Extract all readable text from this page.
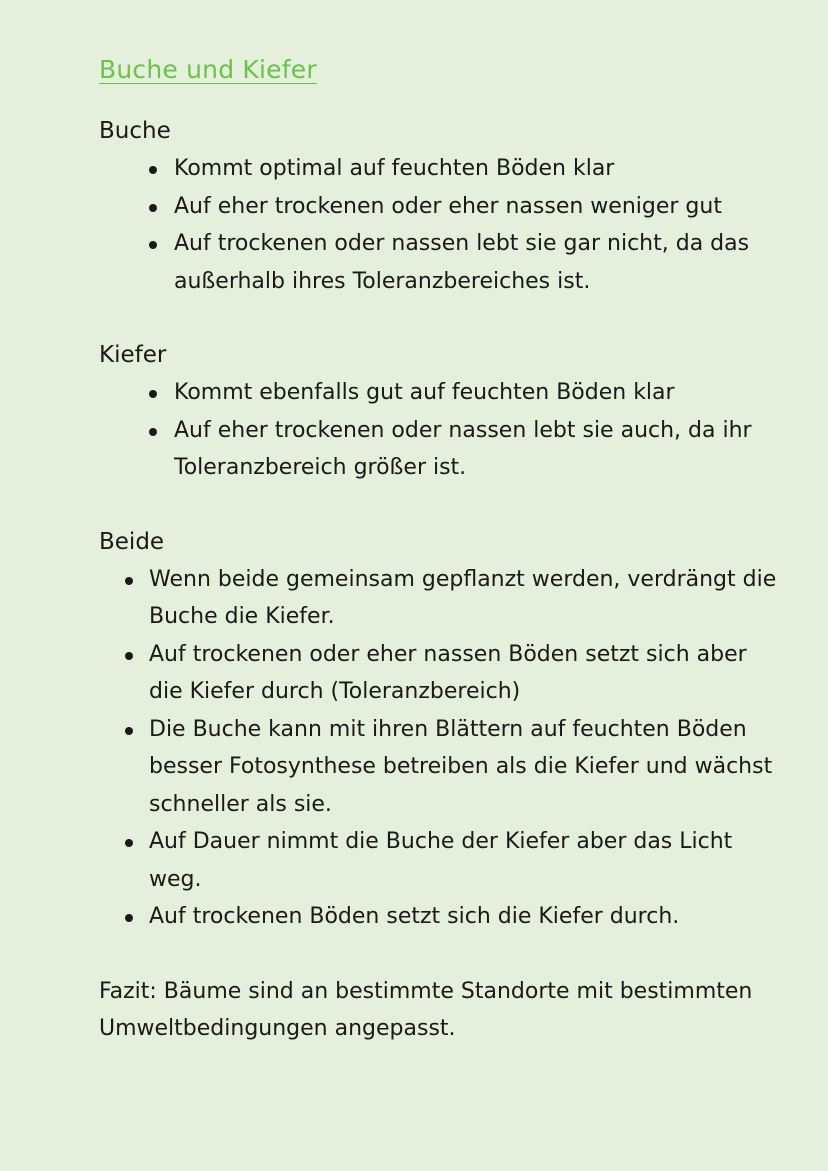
Buche und Kiefer

Buche

Kommt optimal auf feuchten Böden klar
Auf eher trockenen oder eher nassen weniger gut
Auf trockenen oder nassen lebt sie gar nicht, da das außerhalb ihres Toleranzbereiches ist.

Kiefer

Kommt ebenfalls gut auf feuchten Böden klar
Auf eher trockenen oder nassen lebt sie auch, da ihr Toleranzbereich größer ist.

Beide

Wenn beide gemeinsam gepflanzt werden, verdrängt die Buche die Kiefer.
Auf trockenen oder eher nassen Böden setzt sich aber die Kiefer durch (Toleranzbereich)
Die Buche kann mit ihren Blättern auf feuchten Böden besser Fotosynthese betreiben als die Kiefer und wächst schneller als sie.
Auf Dauer nimmt die Buche der Kiefer aber das Licht weg.
Auf trockenen Böden setzt sich die Kiefer durch.

Fazit: Bäume sind an bestimmte Standorte mit bestimmten Umweltbedingungen angepasst.
